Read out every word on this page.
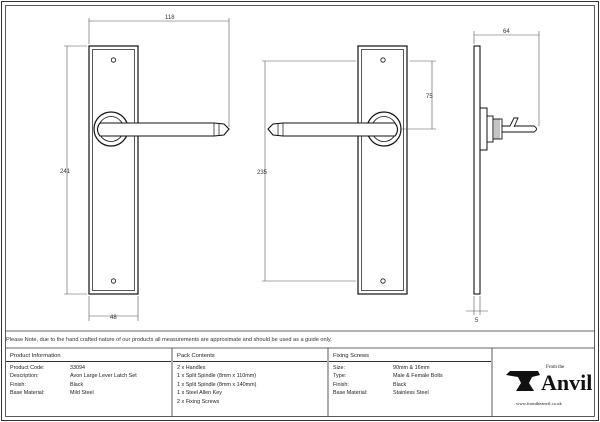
118
241
48
235
75
64
5
Please Note, due to the hand crafted nature of our products all measurements are approximate and should be used as a guide only.
Product Information
Product Code:	33094
Description:	Avon Large Lever Latch Set
Finish:	Black
Base Material:	Mild Steel
Pack Contents
2 x Handles
1 x Split Spindle (8mm x 110mm)
1 x Split Spindle (8mm x 140mm)
1 x Steel Allen Key
2 x Fixing Screws
Fixing Screws
Size:	90mm & 16mm
Type:	Male & Female Bolts
Finish:	Black
Base Material:	Stainless Steel
From the
Anvil
www.fromtheanvil.co.uk
